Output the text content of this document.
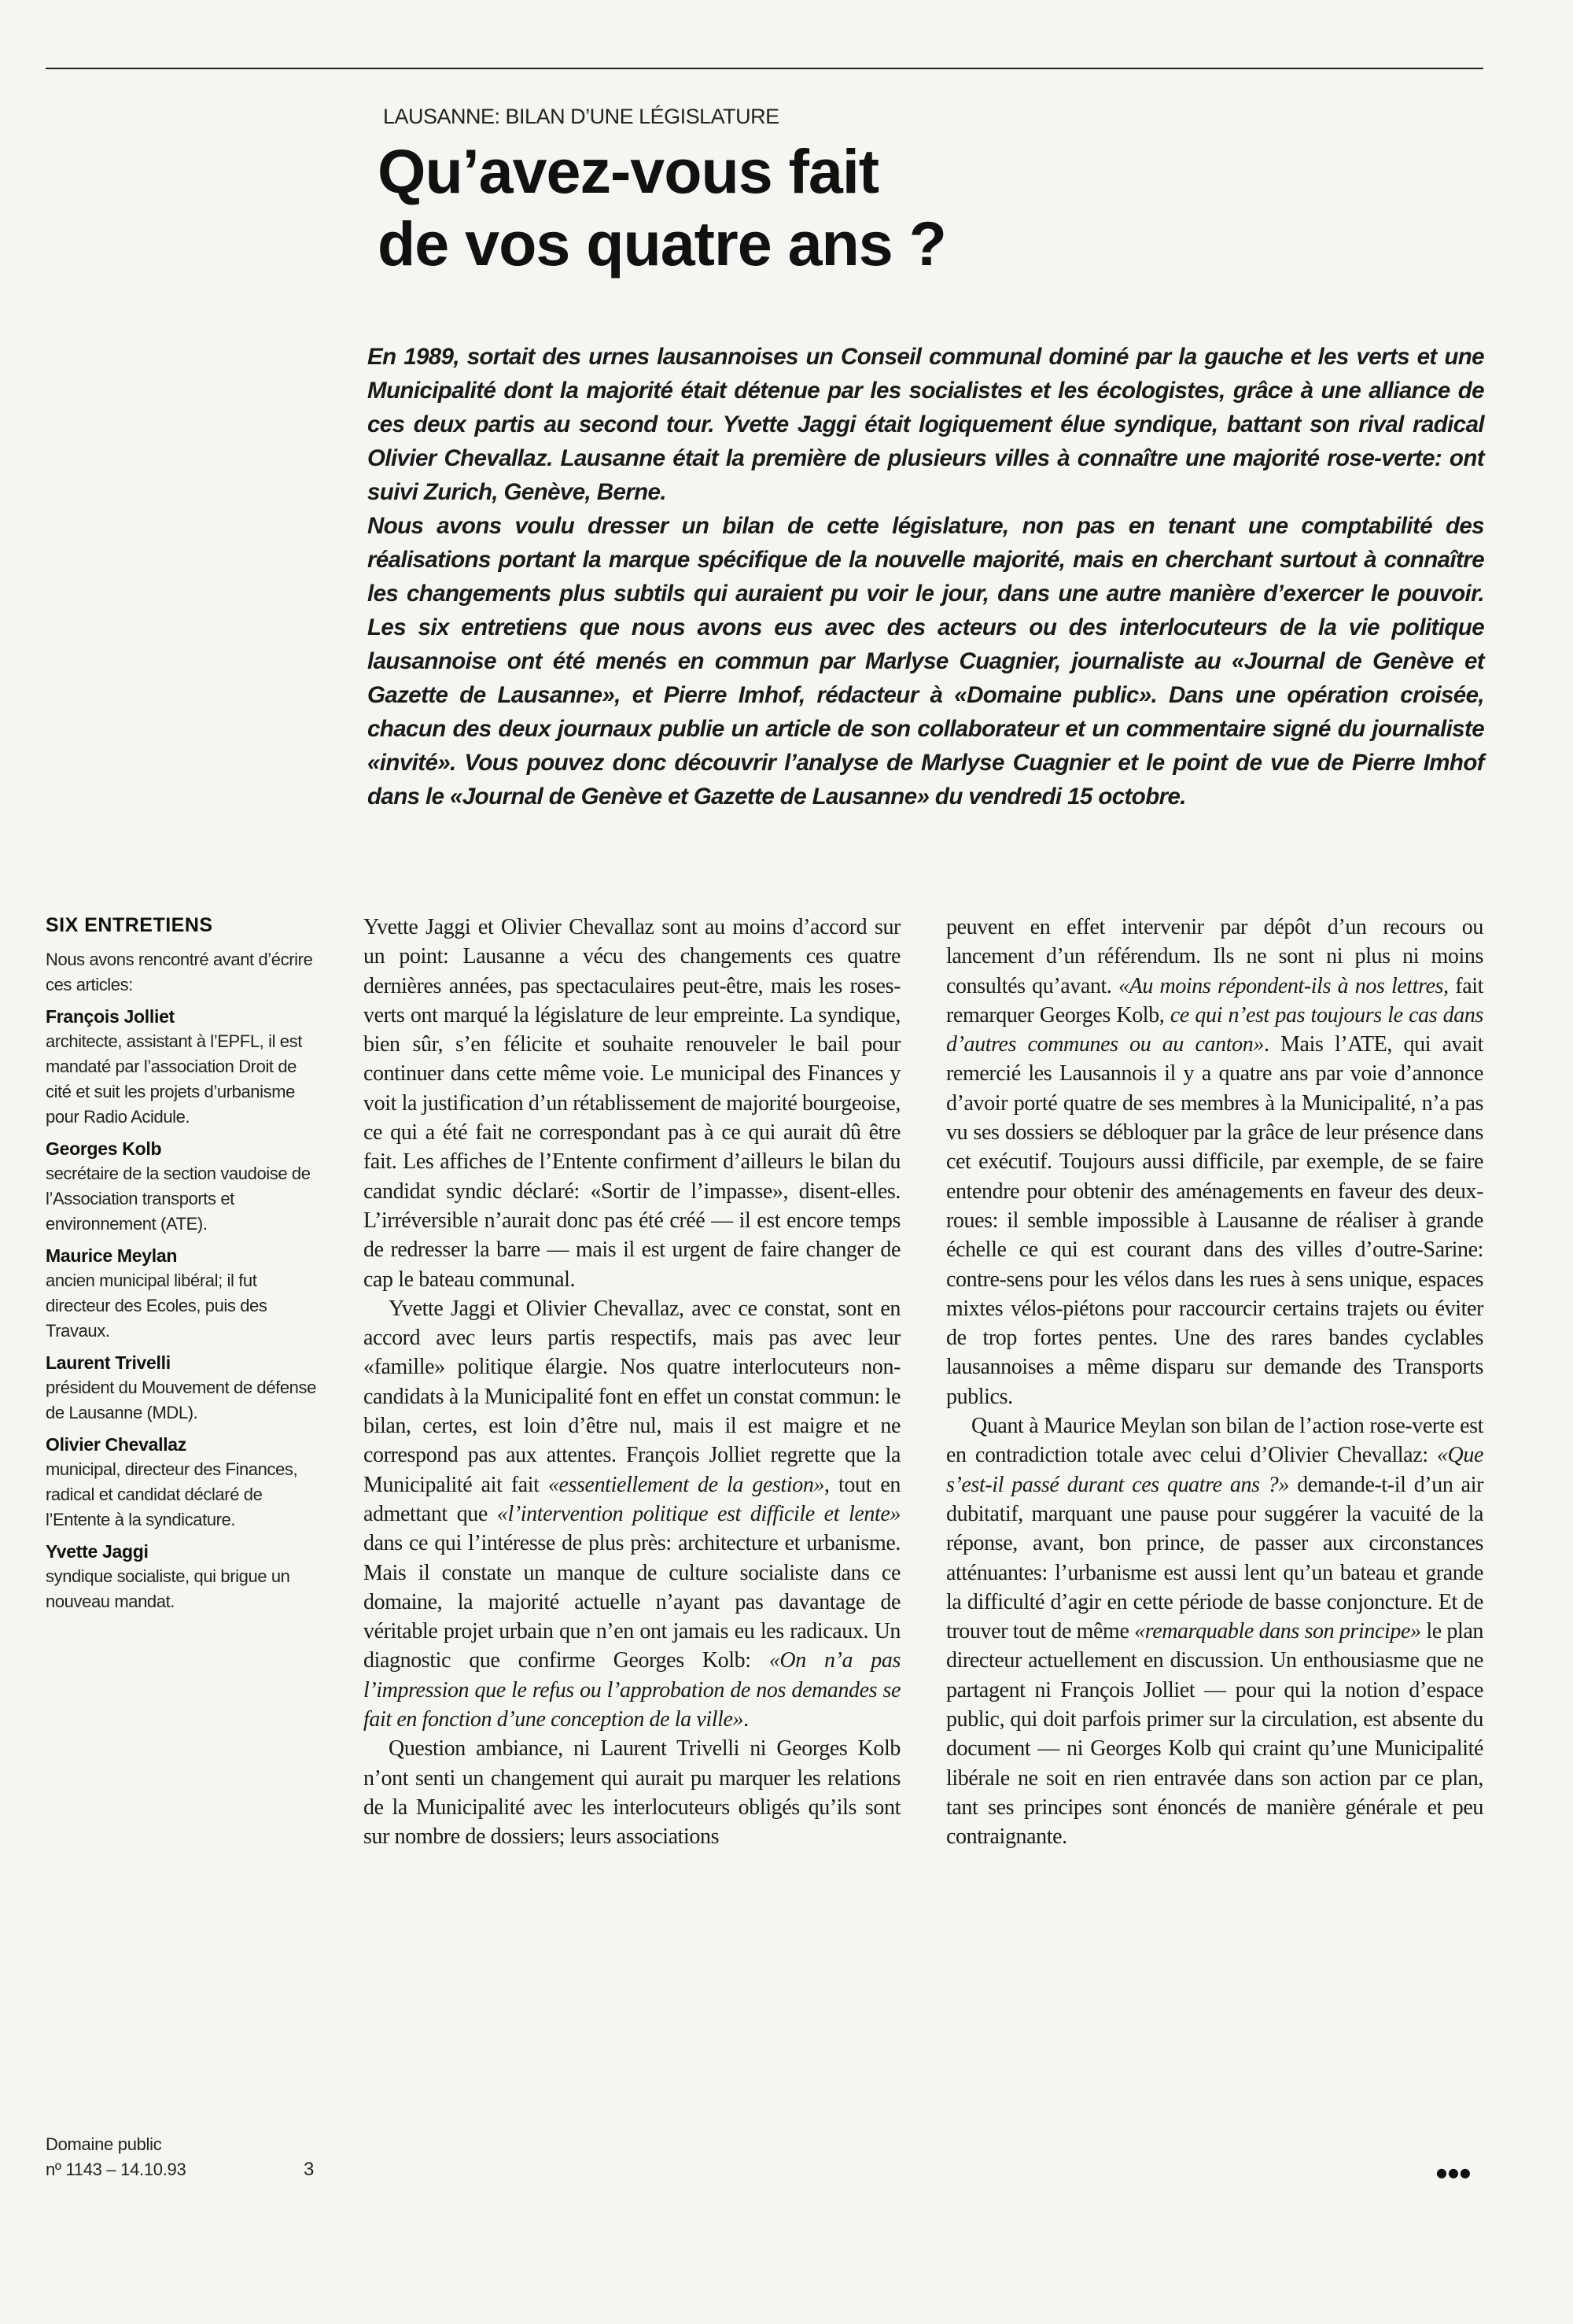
LAUSANNE: BILAN D’UNE LÉGISLATURE
Qu’avez-vous fait
de vos quatre ans ?

En 1989, sortait des urnes lausannoises un Conseil communal dominé par la gauche et les verts et une Municipalité dont la majorité était détenue par les socialistes et les écologistes, grâce à une alliance de ces deux partis au second tour. Yvette Jaggi était logiquement élue syndique, battant son rival radical Olivier Chevallaz. Lausanne était la première de plusieurs villes à connaître une majorité rose-verte: ont suivi Zurich, Genève, Berne.

Nous avons voulu dresser un bilan de cette législature, non pas en tenant une comptabilité des réalisations portant la marque spécifique de la nouvelle majorité, mais en cherchant surtout à connaître les changements plus subtils qui auraient pu voir le jour, dans une autre manière d’exercer le pouvoir. Les six entretiens que nous avons eus avec des acteurs ou des interlocuteurs de la vie politique lausannoise ont été menés en commun par Marlyse Cuagnier, journaliste au «Journal de Genève et Gazette de Lausanne», et Pierre Imhof, rédacteur à «Domaine public». Dans une opération croisée, chacun des deux journaux publie un article de son collaborateur et un commentaire signé du journaliste «invité». Vous pouvez donc découvrir l’analyse de Marlyse Cuagnier et le point de vue de Pierre Imhof dans le «Journal de Genève et Gazette de Lausanne» du vendredi 15 octobre.

SIX ENTRETIENS
Nous avons rencontré avant d’écrire ces articles:
François Jolliet
architecte, assistant à l’EPFL, il est mandaté par l’association Droit de cité et suit les projets d’urbanisme pour Radio Acidule.
Georges Kolb
secrétaire de la section vaudoise de l’Association transports et environnement (ATE).
Maurice Meylan
ancien municipal libéral; il fut directeur des Ecoles, puis des Travaux.
Laurent Trivelli
président du Mouvement de défense de Lausanne (MDL).
Olivier Chevallaz
municipal, directeur des Finances, radical et candidat déclaré de l’Entente à la syndicature.
Yvette Jaggi
syndique socialiste, qui brigue un nouveau mandat.
Domaine public
nº 1143 – 14.10.93	3

Yvette Jaggi et Olivier Chevallaz sont au moins d’accord sur un point: Lausanne a vécu des changements ces quatre dernières années, pas spectaculaires peut-être, mais les roses-verts ont marqué la législature de leur empreinte. La syndique, bien sûr, s’en félicite et souhaite renouveler le bail pour continuer dans cette même voie. Le municipal des Finances y voit la justification d’un rétablissement de majorité bourgeoise, ce qui a été fait ne correspondant pas à ce qui aurait dû être fait. Les affiches de l’Entente confirment d’ailleurs le bilan du candidat syndic déclaré: «Sortir de l’impasse», disent-elles. L’irréversible n’aurait donc pas été créé — il est encore temps de redresser la barre — mais il est urgent de faire changer de cap le bateau communal.

Yvette Jaggi et Olivier Chevallaz, avec ce constat, sont en accord avec leurs partis respectifs, mais pas avec leur «famille» politique élargie. Nos quatre interlocuteurs non-candidats à la Municipalité font en effet un constat commun: le bilan, certes, est loin d’être nul, mais il est maigre et ne correspond pas aux attentes. François Jolliet regrette que la Municipalité ait fait «essentiellement de la gestion», tout en admettant que «l’intervention politique est difficile et lente» dans ce qui l’intéresse de plus près: architecture et urbanisme. Mais il constate un manque de culture socialiste dans ce domaine, la majorité actuelle n’ayant pas davantage de véritable projet urbain que n’en ont jamais eu les radicaux. Un diagnostic que confirme Georges Kolb: «On n’a pas l’impression que le refus ou l’approbation de nos demandes se fait en fonction d’une conception de la ville».

Question ambiance, ni Laurent Trivelli ni Georges Kolb n’ont senti un changement qui aurait pu marquer les relations de la Municipalité avec les interlocuteurs obligés qu’ils sont sur nombre de dossiers; leurs associations

peuvent en effet intervenir par dépôt d’un recours ou lancement d’un référendum. Ils ne sont ni plus ni moins consultés qu’avant. «Au moins répondent-ils à nos lettres, fait remarquer Georges Kolb, ce qui n’est pas toujours le cas dans d’autres communes ou au canton». Mais l’ATE, qui avait remercié les Lausannois il y a quatre ans par voie d’annonce d’avoir porté quatre de ses membres à la Municipalité, n’a pas vu ses dossiers se débloquer par la grâce de leur présence dans cet exécutif. Toujours aussi difficile, par exemple, de se faire entendre pour obtenir des aménagements en faveur des deux-roues: il semble impossible à Lausanne de réaliser à grande échelle ce qui est courant dans des villes d’outre-Sarine: contre-sens pour les vélos dans les rues à sens unique, espaces mixtes vélos-piétons pour raccourcir certains trajets ou éviter de trop fortes pentes. Une des rares bandes cyclables lausannoises a même disparu sur demande des Transports publics.

Quant à Maurice Meylan son bilan de l’action rose-verte est en contradiction totale avec celui d’Olivier Chevallaz: «Que s’est-il passé durant ces quatre ans ?» demande-t-il d’un air dubitatif, marquant une pause pour suggérer la vacuité de la réponse, avant, bon prince, de passer aux circonstances atténuantes: l’urbanisme est aussi lent qu’un bateau et grande la difficulté d’agir en cette période de basse conjoncture. Et de trouver tout de même «remarquable dans son principe» le plan directeur actuellement en discussion. Un enthousiasme que ne partagent ni François Jolliet — pour qui la notion d’espace public, qui doit parfois primer sur la circulation, est absente du document — ni Georges Kolb qui craint qu’une Municipalité libérale ne soit en rien entravée dans son action par ce plan, tant ses principes sont énoncés de manière générale et peu contraignante.

●●●
